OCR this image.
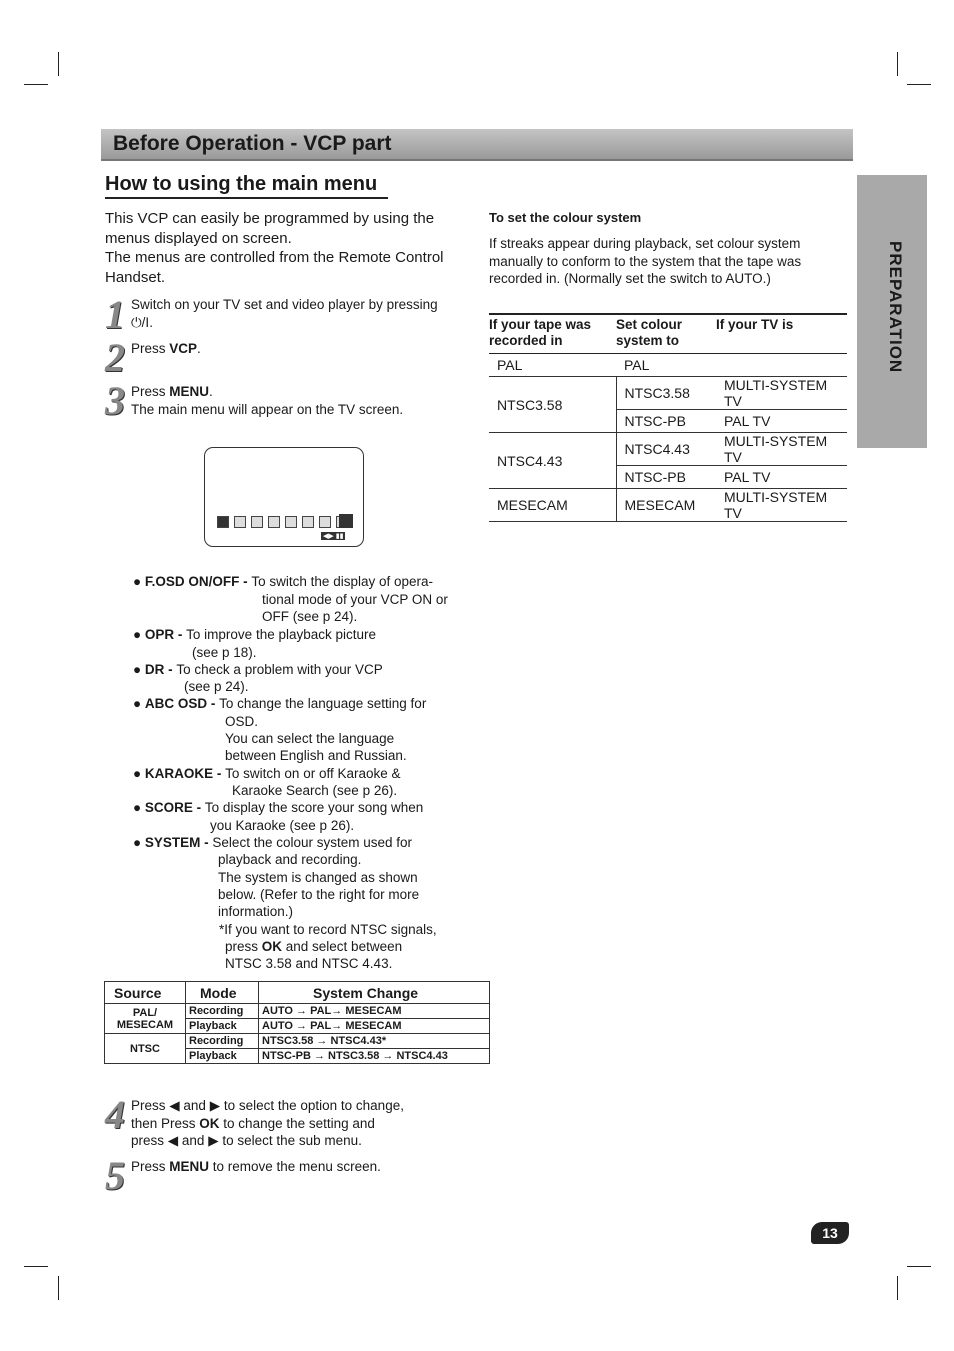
Before Operation - VCP part
PREPARATION
How to using the main menu
This VCP can easily be programmed by using the menus displayed on screen.
The menus are controlled from the Remote Control Handset.
1 Switch on your TV set and video player by pressing
⏻/I.
2 Press VCP.
3 Press MENU.
The main menu will appear on the TV screen.
◀▶ ▮▮
● F.OSD ON/OFF - To switch the display of opera-
tional mode of your VCP ON or
OFF (see p 24).
● OPR - To improve the playback picture
(see p 18).
● DR - To check a problem with your VCP
(see p 24).
● ABC OSD - To change the language setting for
OSD.
You can select the language
between English and Russian.
● KARAOKE - To switch on or off Karaoke &
Karaoke Search (see p 26).
● SCORE - To display the score your song when
you Karaoke (see p 26).
● SYSTEM - Select the colour system used for
playback and recording.
The system is changed as shown
below. (Refer to the right for more
information.)
*If you want to record NTSC signals,
press OK and select between
NTSC 3.58 and NTSC 4.43.
Source	Mode	System Change
PAL/ MESECAM	Recording	AUTO → PAL→ MESECAM
	Playback	AUTO → PAL→ MESECAM
NTSC	Recording	NTSC3.58 → NTSC4.43*
	Playback	NTSC-PB → NTSC3.58 → NTSC4.43
4 Press ◀ and ▶ to select the option to change,
then Press OK to change the setting and
press ◀ and ▶ to select the sub menu.
5 Press MENU to remove the menu screen.
To set the colour system
If streaks appear during playback, set colour system manually to conform to the system that the tape was recorded in. (Normally set the switch to AUTO.)
If your tape was recorded in	Set colour system to	If your TV is
PAL	PAL	
NTSC3.58	NTSC3.58	MULTI-SYSTEM TV
	NTSC-PB	PAL TV
NTSC4.43	NTSC4.43	MULTI-SYSTEM TV
	NTSC-PB	PAL TV
MESECAM	MESECAM	MULTI-SYSTEM TV
13
